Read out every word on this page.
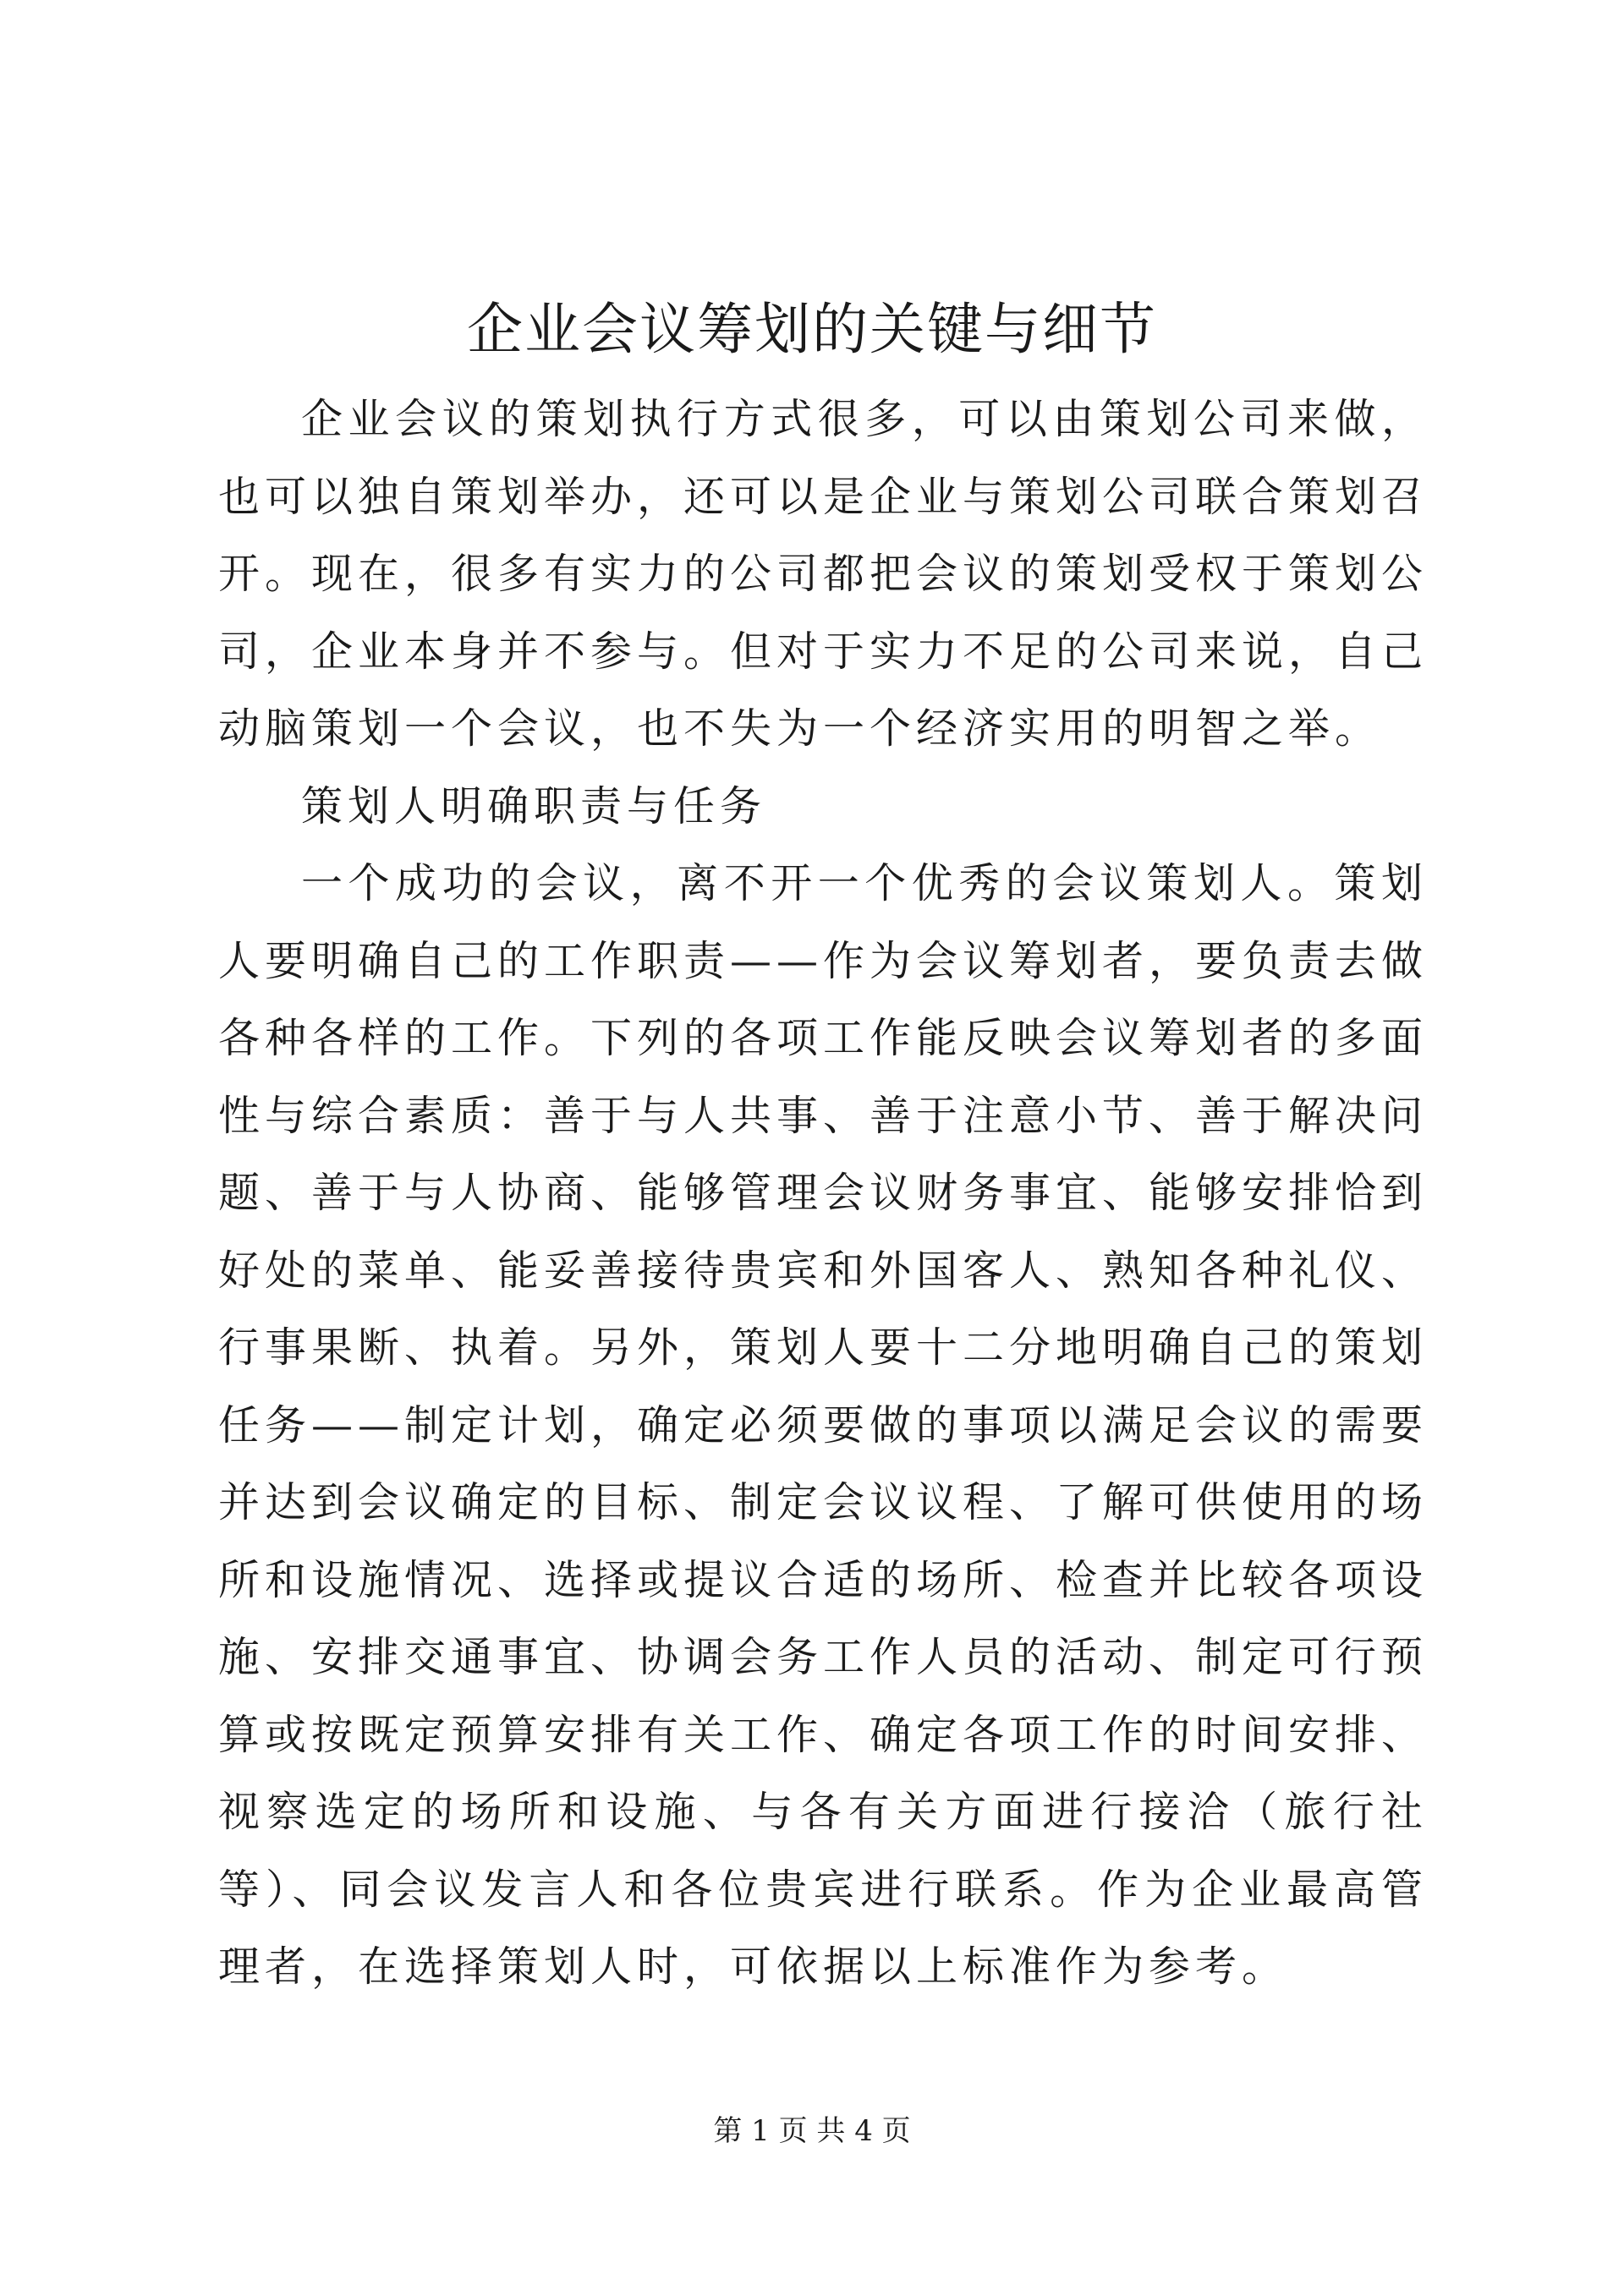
企业会议筹划的关键与细节

企业会议的策划执行方式很多，可以由策划公司来做，也可以独自策划举办，还可以是企业与策划公司联合策划召开。现在，很多有实力的公司都把会议的策划受权于策划公司，企业本身并不参与。但对于实力不足的公司来说，自己动脑策划一个会议，也不失为一个经济实用的明智之举。

策划人明确职责与任务

一个成功的会议，离不开一个优秀的会议策划人。策划人要明确自己的工作职责——作为会议筹划者，要负责去做各种各样的工作。下列的各项工作能反映会议筹划者的多面性与综合素质：善于与人共事、善于注意小节、善于解决问题、善于与人协商、能够管理会议财务事宜、能够安排恰到好处的菜单、能妥善接待贵宾和外国客人、熟知各种礼仪、行事果断、执着。另外，策划人要十二分地明确自己的策划任务——制定计划，确定必须要做的事项以满足会议的需要并达到会议确定的目标、制定会议议程、了解可供使用的场所和设施情况、选择或提议合适的场所、检查并比较各项设施、安排交通事宜、协调会务工作人员的活动、制定可行预算或按既定预算安排有关工作、确定各项工作的时间安排、视察选定的场所和设施、与各有关方面进行接洽（旅行社等）、同会议发言人和各位贵宾进行联系。作为企业最高管理者，在选择策划人时，可依据以上标准作为参考。

第 1 页 共 4 页
